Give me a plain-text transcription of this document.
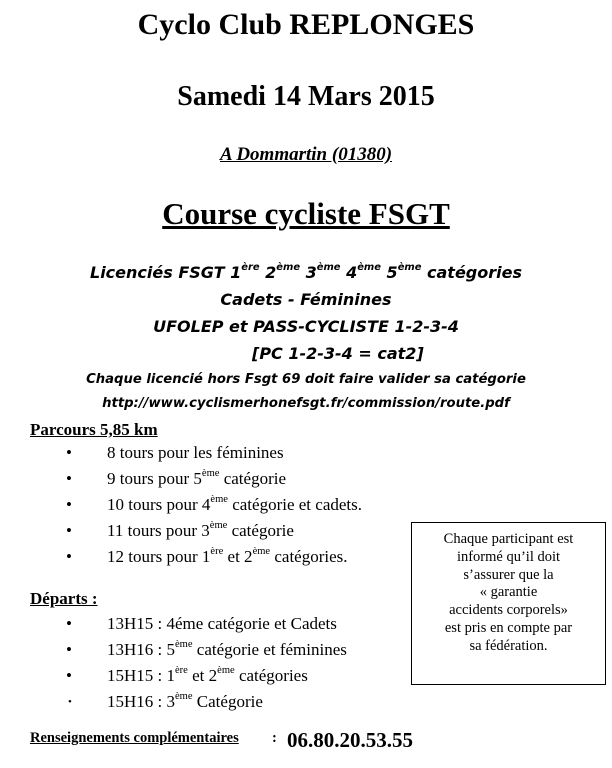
Cyclo Club REPLONGES
Samedi 14 Mars 2015
A Dommartin (01380)
Course cycliste FSGT
Licenciés FSGT 1ère 2ème 3ème 4ème 5ème catégories
Cadets - Féminines
UFOLEP et PASS-CYCLISTE 1-2-3-4
[PC 1-2-3-4 = cat2]
Chaque licencié hors Fsgt 69 doit faire valider sa catégorie
http://www.cyclismerhonefsgt.fr/commission/route.pdf
Parcours 5,85 km
• 8 tours pour les féminines
• 9 tours pour 5ème catégorie
• 10 tours pour 4ème catégorie et cadets.
• 11 tours pour 3ème catégorie
• 12 tours pour 1ère et 2ème catégories.
Départs :
• 13H15 : 4éme catégorie et Cadets
• 13H16 : 5ème catégorie et féminines
• 15H15 : 1ère et 2ème catégories
• 15H16 : 3ème Catégorie
Chaque participant est
informé qu’il doit
s’assurer que la
« garantie
accidents corporels»
est pris en compte par
sa fédération.
Renseignements complémentaires : 06.80.20.53.55
